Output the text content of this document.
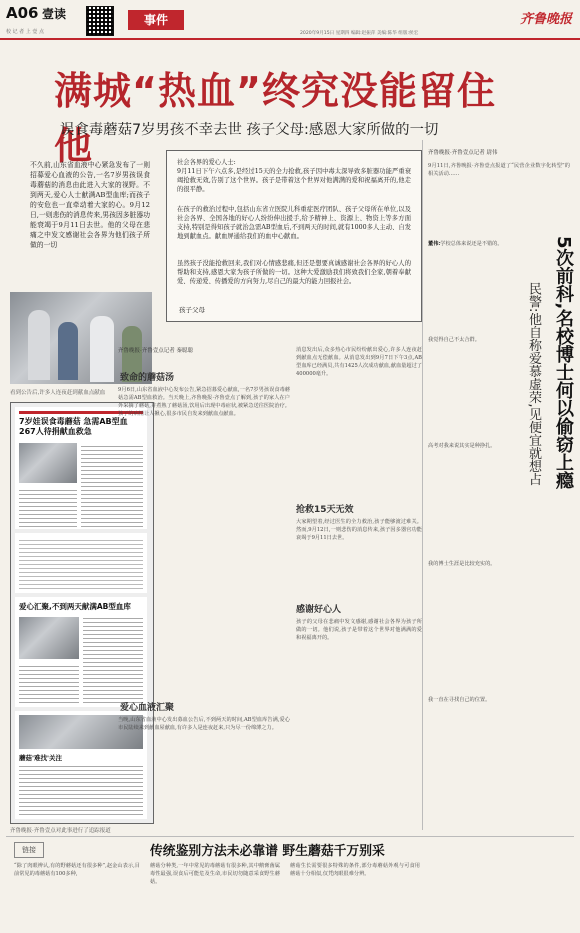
A06 壹读
校 记 者 上 壹 点
事件
2020年9月15日 星期四 编辑:赵振萍 美编:陈华 组版:侯宏
齐鲁晚报
满城“热血”终究没能留住他
误食毒蘑菇7岁男孩不幸去世 孩子父母:感恩大家所做的一切
不久前,山东省血液中心紧急发布了一则招募爱心血液的公告,一名7岁男孩误食毒蘑菇的消息由此进入大家的视野。不到两天,爱心人士献满AB型血库;而孩子的安危也一直牵动着大家的心。9月12日,一则悲伤的消息传来,男孩因多脏器功能衰竭于9月11日去世。他的父母在悲痛之中发文感谢社会各界为他们孩子所做的一切
看到公告后,许多人连夜赶到献血点献血
7岁娃误食毒蘑菇 急需AB型血 267人待捐献血救急
爱心汇聚,不到两天献满AB型血库
蘑菇'难找'关注
齐鲁晚报·齐鲁壹点对此事进行了追踪报道
社会各界的爱心人士:
9月11日下午六点多,是经过15天的全力抢救,孩子因中毒太深导致多脏器功能严重衰竭抢救无效,告别了这个世界。孩子是带着这个世界对他满满的爱和祝福离开的,他走的很平静。
在孩子的救治过程中,包括山东省立医院儿科重症医疗团队、孩子父母所在单位,以及社会各界、全国各地的好心人纷纷伸出援手,给予精神上、资源上、物资上等多方面支持,特别是得知孩子就治急需AB型血后,不到两天的时间,就有1000多人主动、自发地到献血点。献血屏通给我们的血中心献血。
虽然孩子没能抢救回来,我们对心情感悲痛,但还是想要真诚感谢社会各界的好心人的帮助和支持,感恩大家为孩子所做的一切。这种大爱激励我们将致我们全家,朝着奉献爱、传递爱、传播爱的方向努力,尽自己的最大的能力回报社会。
孩子父母
齐鲁晚报·齐鲁壹点记者 秦聪聪
致命的蘑菇汤
9月6日,山东省血液中心发布公告,紧急招募爱心献血,一名7岁男孩误食毒蘑菇急需AB型血救治。当天晚上,齐鲁晚报·齐鲁壹点了解到,孩子的家人在户外采摘了蘑菇,并煮熟了蘑菇汤,饮用后出现中毒症状,被紧急送往医院治疗。孩子的病情让人揪心,很多市民自发来到献血点献血。
爱心血液汇聚
当晚,山东省血液中心发出募血公告后,不到两天的时间,AB型血库告满,爱心市民陆续来到献血屋献血,有许多人是连夜赶来,只为尽一份绵薄之力。
消息发出后,众多热心市民纷纷献出爱心,许多人连夜赶到献血点无偿献血。从消息发出到9月7日下午3点,AB型血库已经满员,共有1425人次成功献血,献血量超过了400000毫升。
抢救15天无效
大家期望着,经过医生的全力救治,孩子能够渡过难关。然而,9月12日,一则悲伤的消息传来,孩子因多器官功能衰竭于9月11日去世。
感谢好心人
孩子的父母在悲痛中发文感谢,感谢社会各界为孩子所做的一切。他们说,孩子是带着这个世界对他满满的爱和祝福离开的。
齐鲁晚报·齐鲁壹点记者 尉伟
9月11日,齐鲁晚报·齐鲁壹点报道了“民营企业数字化转型”的相关活动……
董伟:学校总体来说还是不错的。
我觉得自己不太合群。
高考对我来说其实是种挣扎。	5次前科,名校博士何以偷窃上瘾
民警:他自称爱慕虚荣,见便宜就想占
我的博士生涯是比较充实的。
我一直在寻找自己的位置。
链接	传统鉴别方法未必靠谱 野生蘑菇千万别采
“除了肉眼辨认,有的野蘑菇还有很多种”,赵金山表示,目前常见的毒蘑菇有100多种,
蘑菇分种类,一年中常见的毒蘑菇有很多种,其中鹅膏菌属毒性最强,误食后可能危及生命,市民切勿随意采食野生蘑菇。
蘑菇生长需要很多特殊的条件,部分毒蘑菇外观与可食用蘑菇十分相似,仅凭肉眼很难分辨。
